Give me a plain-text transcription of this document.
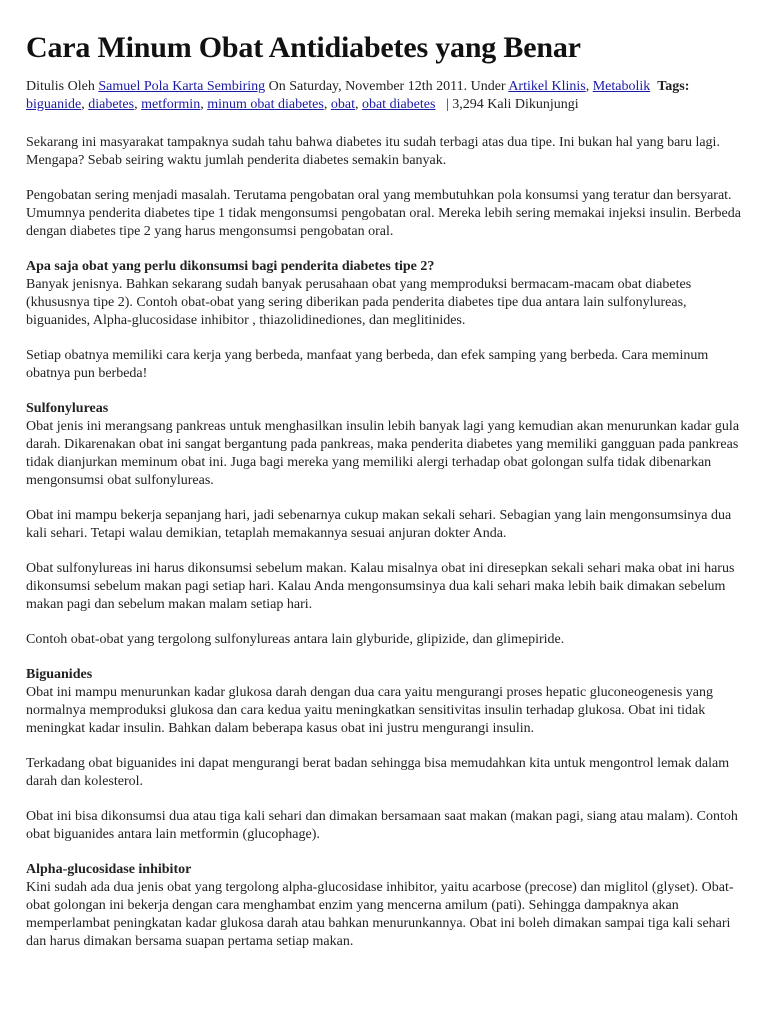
Cara Minum Obat Antidiabetes yang Benar
Ditulis Oleh Samuel Pola Karta Sembiring On Saturday, November 12th 2011. Under Artikel Klinis, Metabolik Tags: biguanide, diabetes, metformin, minum obat diabetes, obat, obat diabetes | 3,294 Kali Dikunjungi

Sekarang ini masyarakat tampaknya sudah tahu bahwa diabetes itu sudah terbagi atas dua tipe. Ini bukan hal yang baru lagi. Mengapa? Sebab seiring waktu jumlah penderita diabetes semakin banyak.

Pengobatan sering menjadi masalah. Terutama pengobatan oral yang membutuhkan pola konsumsi yang teratur dan bersyarat. Umumnya penderita diabetes tipe 1 tidak mengonsumsi pengobatan oral. Mereka lebih sering memakai injeksi insulin. Berbeda dengan diabetes tipe 2 yang harus mengonsumsi pengobatan oral.

Apa saja obat yang perlu dikonsumsi bagi penderita diabetes tipe 2?
Banyak jenisnya. Bahkan sekarang sudah banyak perusahaan obat yang memproduksi bermacam-macam obat diabetes (khususnya tipe 2). Contoh obat-obat yang sering diberikan pada penderita diabetes tipe dua antara lain sulfonylureas, biguanides, Alpha-glucosidase inhibitor , thiazolidinediones, dan meglitinides.

Setiap obatnya memiliki cara kerja yang berbeda, manfaat yang berbeda, dan efek samping yang berbeda. Cara meminum obatnya pun berbeda!

Sulfonylureas
Obat jenis ini merangsang pankreas untuk menghasilkan insulin lebih banyak lagi yang kemudian akan menurunkan kadar gula darah. Dikarenakan obat ini sangat bergantung pada pankreas, maka penderita diabetes yang memiliki gangguan pada pankreas tidak dianjurkan meminum obat ini. Juga bagi mereka yang memiliki alergi terhadap obat golongan sulfa tidak dibenarkan mengonsumsi obat sulfonylureas.

Obat ini mampu bekerja sepanjang hari, jadi sebenarnya cukup makan sekali sehari. Sebagian yang lain mengonsumsinya dua kali sehari. Tetapi walau demikian, tetaplah memakannya sesuai anjuran dokter Anda.

Obat sulfonylureas ini harus dikonsumsi sebelum makan. Kalau misalnya obat ini diresepkan sekali sehari maka obat ini harus dikonsumsi sebelum makan pagi setiap hari. Kalau Anda mengonsumsinya dua kali sehari maka lebih baik dimakan sebelum makan pagi dan sebelum makan malam setiap hari.

Contoh obat-obat yang tergolong sulfonylureas antara lain glyburide, glipizide, dan glimepiride.

Biguanides
Obat ini mampu menurunkan kadar glukosa darah dengan dua cara yaitu mengurangi proses hepatic gluconeogenesis yang normalnya memproduksi glukosa dan cara kedua yaitu meningkatkan sensitivitas insulin terhadap glukosa. Obat ini tidak meningkat kadar insulin. Bahkan dalam beberapa kasus obat ini justru mengurangi insulin.

Terkadang obat biguanides ini dapat mengurangi berat badan sehingga bisa memudahkan kita untuk mengontrol lemak dalam darah dan kolesterol.

Obat ini bisa dikonsumsi dua atau tiga kali sehari dan dimakan bersamaan saat makan (makan pagi, siang atau malam). Contoh obat biguanides antara lain metformin (glucophage).

Alpha-glucosidase inhibitor
Kini sudah ada dua jenis obat yang tergolong alpha-glucosidase inhibitor, yaitu acarbose (precose) dan miglitol (glyset). Obat-obat golongan ini bekerja dengan cara menghambat enzim yang mencerna amilum (pati). Sehingga dampaknya akan memperlambat peningkatan kadar glukosa darah atau bahkan menurunkannya. Obat ini boleh dimakan sampai tiga kali sehari dan harus dimakan bersama suapan pertama setiap makan.
